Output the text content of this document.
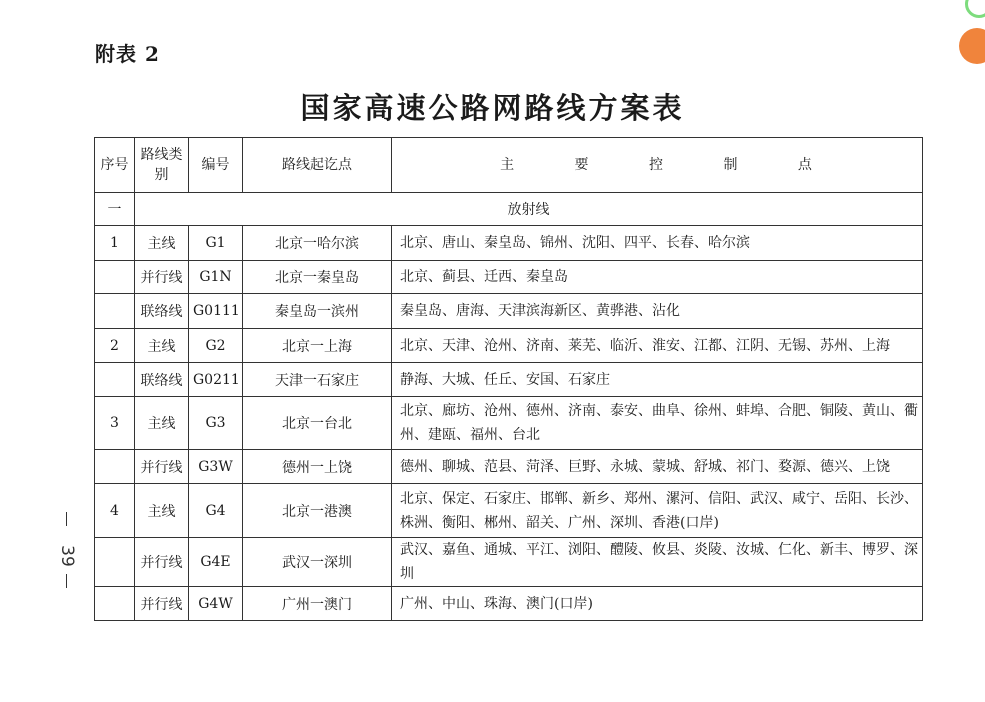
附表 2
国家高速公路网路线方案表
序号	路线类别	编号	路线起讫点	主 要 控 制 点
一	放射线			
1	主线	G1	北京一哈尔滨	北京、唐山、秦皇岛、锦州、沈阳、四平、长春、哈尔滨
	并行线	G1N	北京一秦皇岛	北京、蓟县、迁西、秦皇岛
	联络线	G0111	秦皇岛一滨州	秦皇岛、唐海、天津滨海新区、黄骅港、沾化
2	主线	G2	北京一上海	北京、天津、沧州、济南、莱芜、临沂、淮安、江都、江阴、无锡、苏州、上海
	联络线	G0211	天津一石家庄	静海、大城、任丘、安国、石家庄
3	主线	G3	北京一台北	北京、廊坊、沧州、德州、济南、泰安、曲阜、徐州、蚌埠、合肥、铜陵、黄山、衢州、建瓯、福州、台北
	并行线	G3W	德州一上饶	德州、聊城、范县、菏泽、巨野、永城、蒙城、舒城、祁门、婺源、德兴、上饶
4	主线	G4	北京一港澳	北京、保定、石家庄、邯郸、新乡、郑州、漯河、信阳、武汉、咸宁、岳阳、长沙、株洲、衡阳、郴州、韶关、广州、深圳、香港(口岸)
	并行线	G4E	武汉一深圳	武汉、嘉鱼、通城、平江、浏阳、醴陵、攸县、炎陵、汝城、仁化、新丰、博罗、深圳
	并行线	G4W	广州一澳门	广州、中山、珠海、澳门(口岸)
39
